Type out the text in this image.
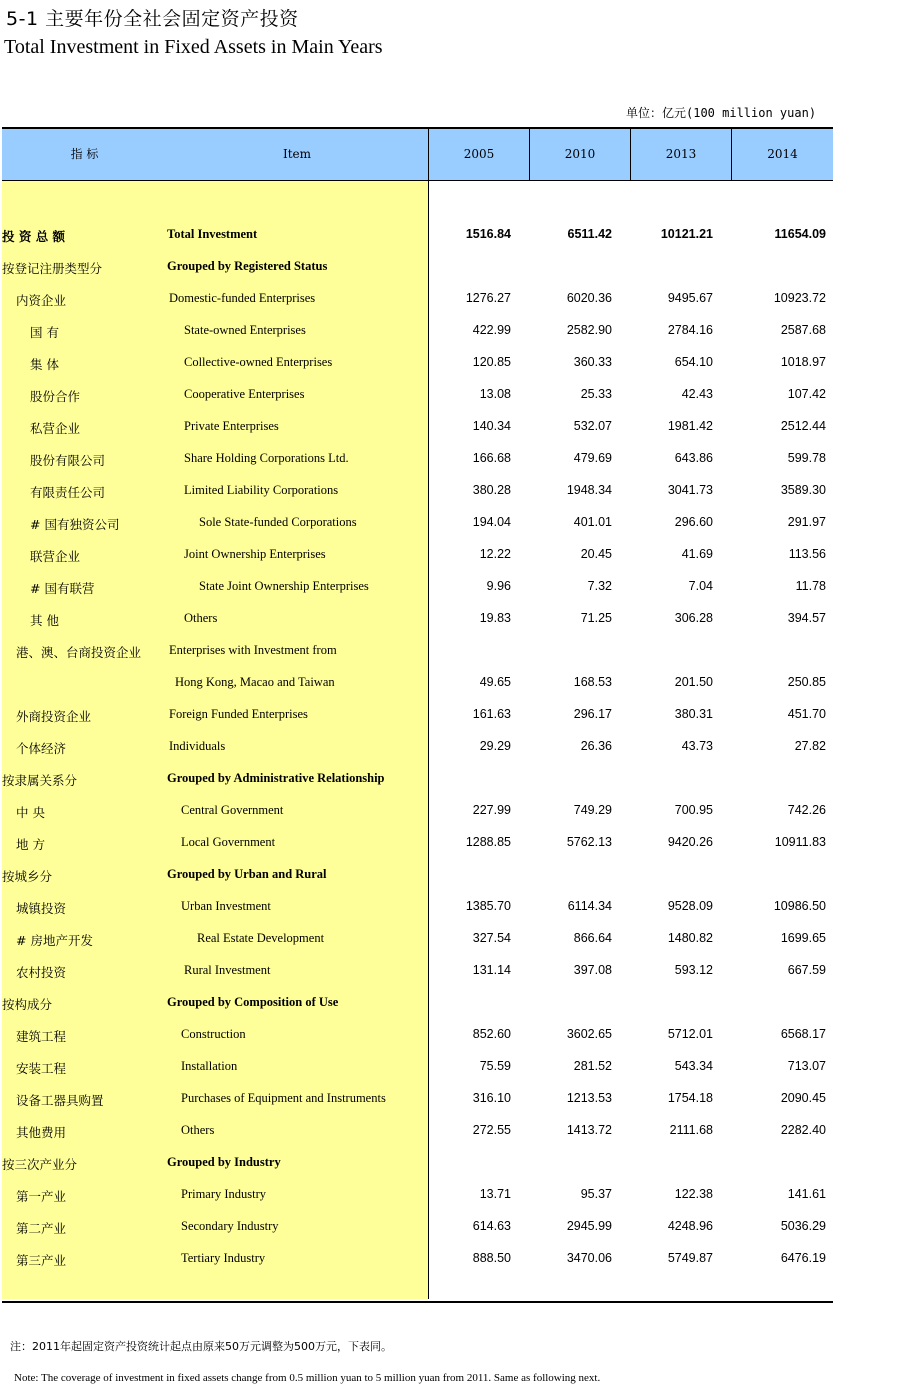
5-1 主要年份全社会固定资产投资
Total Investment in Fixed Assets in Main Years
单位：亿元(100 million yuan)
指 标	Item	2005	2010	2013	2014
投 资 总 额	Total Investment	1516.84	6511.42	10121.21	11654.09
按登记注册类型分	Grouped by Registered Status
内资企业	Domestic-funded Enterprises	1276.27	6020.36	9495.67	10923.72
国 有	State-owned Enterprises	422.99	2582.90	2784.16	2587.68
集 体	Collective-owned Enterprises	120.85	360.33	654.10	1018.97
股份合作	Cooperative Enterprises	13.08	25.33	42.43	107.42
私营企业	Private Enterprises	140.34	532.07	1981.42	2512.44
股份有限公司	Share Holding Corporations Ltd.	166.68	479.69	643.86	599.78
有限责任公司	Limited Liability Corporations	380.28	1948.34	3041.73	3589.30
# 国有独资公司	Sole State-funded Corporations	194.04	401.01	296.60	291.97
联营企业	Joint Ownership Enterprises	12.22	20.45	41.69	113.56
# 国有联营	State Joint Ownership Enterprises	9.96	7.32	7.04	11.78
其 他	Others	19.83	71.25	306.28	394.57
港、澳、台商投资企业 Enterprises with Investment from
Hong Kong, Macao and Taiwan	49.65	168.53	201.50	250.85
外商投资企业	Foreign Funded Enterprises	161.63	296.17	380.31	451.70
个体经济	Individuals	29.29	26.36	43.73	27.82
按隶属关系分	Grouped by Administrative Relationship
中 央	Central Government	227.99	749.29	700.95	742.26
地 方	Local Government	1288.85	5762.13	9420.26	10911.83
按城乡分	Grouped by Urban and Rural
城镇投资	Urban Investment	1385.70	6114.34	9528.09	10986.50
# 房地产开发	Real Estate Development	327.54	866.64	1480.82	1699.65
农村投资	Rural Investment	131.14	397.08	593.12	667.59
按构成分	Grouped by Composition of Use
建筑工程	Construction	852.60	3602.65	5712.01	6568.17
安装工程	Installation	75.59	281.52	543.34	713.07
设备工器具购置	Purchases of Equipment and Instruments	316.10	1213.53	1754.18	2090.45
其他费用	Others	272.55	1413.72	2111.68	2282.40
按三次产业分	Grouped by Industry
第一产业	Primary Industry	13.71	95.37	122.38	141.61
第二产业	Secondary Industry	614.63	2945.99	4248.96	5036.29
第三产业	Tertiary Industry	888.50	3470.06	5749.87	6476.19
注：2011年起固定资产投资统计起点由原来50万元调整为500万元，下表同。
Note: The coverage of investment in fixed assets change from 0.5 million yuan to 5 million yuan from 2011. Same as following next.
